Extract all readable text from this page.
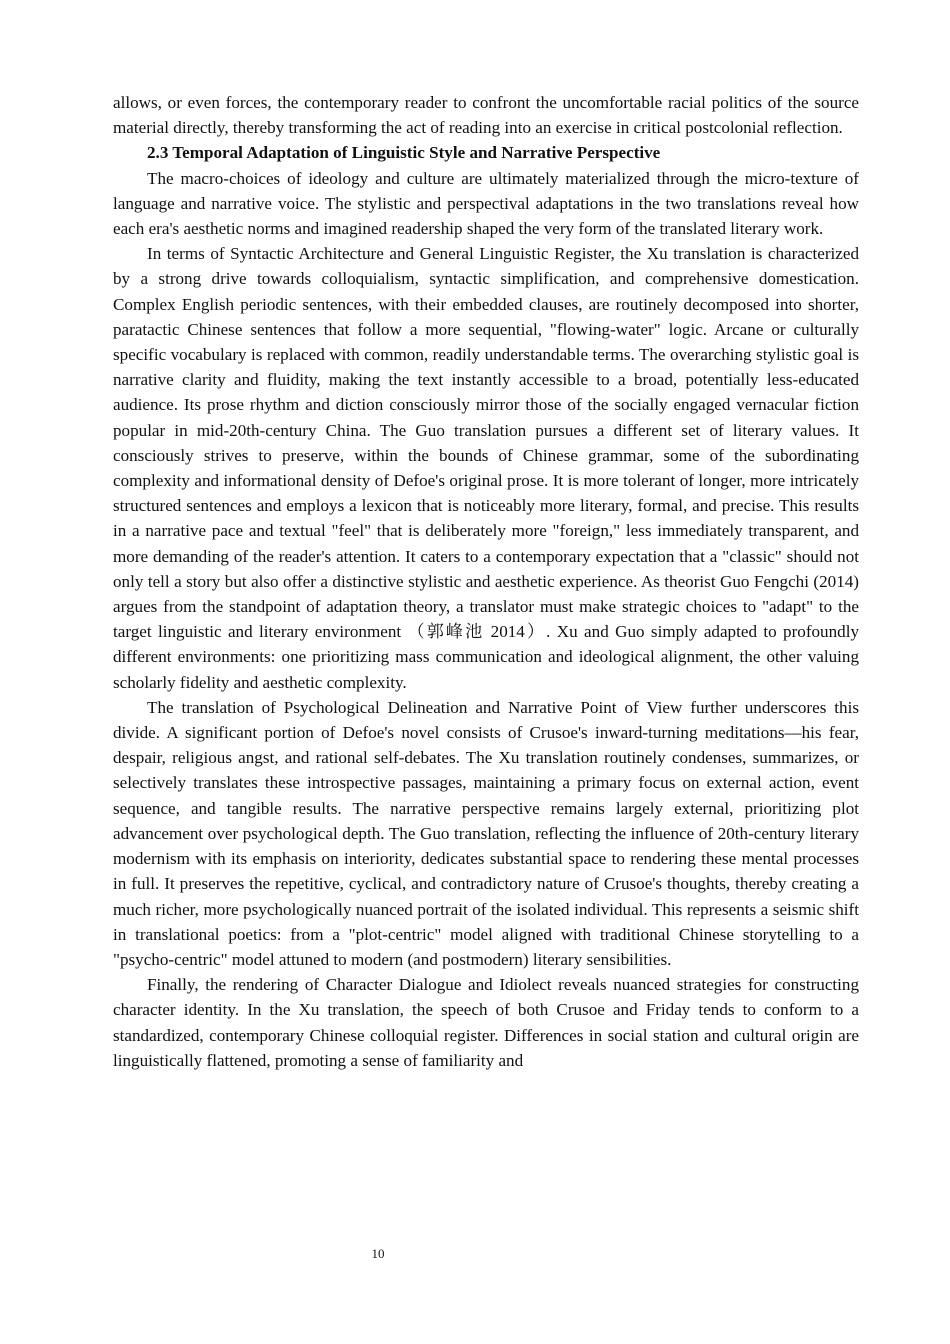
allows, or even forces, the contemporary reader to confront the uncomfortable racial politics of the source material directly, thereby transforming the act of reading into an exercise in critical postcolonial reflection.

2.3 Temporal Adaptation of Linguistic Style and Narrative Perspective

The macro-choices of ideology and culture are ultimately materialized through the micro-texture of language and narrative voice. The stylistic and perspectival adaptations in the two translations reveal how each era's aesthetic norms and imagined readership shaped the very form of the translated literary work.

In terms of Syntactic Architecture and General Linguistic Register, the Xu translation is characterized by a strong drive towards colloquialism, syntactic simplification, and comprehensive domestication. Complex English periodic sentences, with their embedded clauses, are routinely decomposed into shorter, paratactic Chinese sentences that follow a more sequential, "flowing-water" logic. Arcane or culturally specific vocabulary is replaced with common, readily understandable terms. The overarching stylistic goal is narrative clarity and fluidity, making the text instantly accessible to a broad, potentially less-educated audience. Its prose rhythm and diction consciously mirror those of the socially engaged vernacular fiction popular in mid-20th-century China. The Guo translation pursues a different set of literary values. It consciously strives to preserve, within the bounds of Chinese grammar, some of the subordinating complexity and informational density of Defoe's original prose. It is more tolerant of longer, more intricately structured sentences and employs a lexicon that is noticeably more literary, formal, and precise. This results in a narrative pace and textual "feel" that is deliberately more "foreign," less immediately transparent, and more demanding of the reader's attention. It caters to a contemporary expectation that a "classic" should not only tell a story but also offer a distinctive stylistic and aesthetic experience. As theorist Guo Fengchi (2014) argues from the standpoint of adaptation theory, a translator must make strategic choices to "adapt" to the target linguistic and literary environment （郭峰池 2014）. Xu and Guo simply adapted to profoundly different environments: one prioritizing mass communication and ideological alignment, the other valuing scholarly fidelity and aesthetic complexity.

The translation of Psychological Delineation and Narrative Point of View further underscores this divide. A significant portion of Defoe's novel consists of Crusoe's inward-turning meditations—his fear, despair, religious angst, and rational self-debates. The Xu translation routinely condenses, summarizes, or selectively translates these introspective passages, maintaining a primary focus on external action, event sequence, and tangible results. The narrative perspective remains largely external, prioritizing plot advancement over psychological depth. The Guo translation, reflecting the influence of 20th-century literary modernism with its emphasis on interiority, dedicates substantial space to rendering these mental processes in full. It preserves the repetitive, cyclical, and contradictory nature of Crusoe's thoughts, thereby creating a much richer, more psychologically nuanced portrait of the isolated individual. This represents a seismic shift in translational poetics: from a "plot-centric" model aligned with traditional Chinese storytelling to a "psycho-centric" model attuned to modern (and postmodern) literary sensibilities.

Finally, the rendering of Character Dialogue and Idiolect reveals nuanced strategies for constructing character identity. In the Xu translation, the speech of both Crusoe and Friday tends to conform to a standardized, contemporary Chinese colloquial register. Differences in social station and cultural origin are linguistically flattened, promoting a sense of familiarity and

10
